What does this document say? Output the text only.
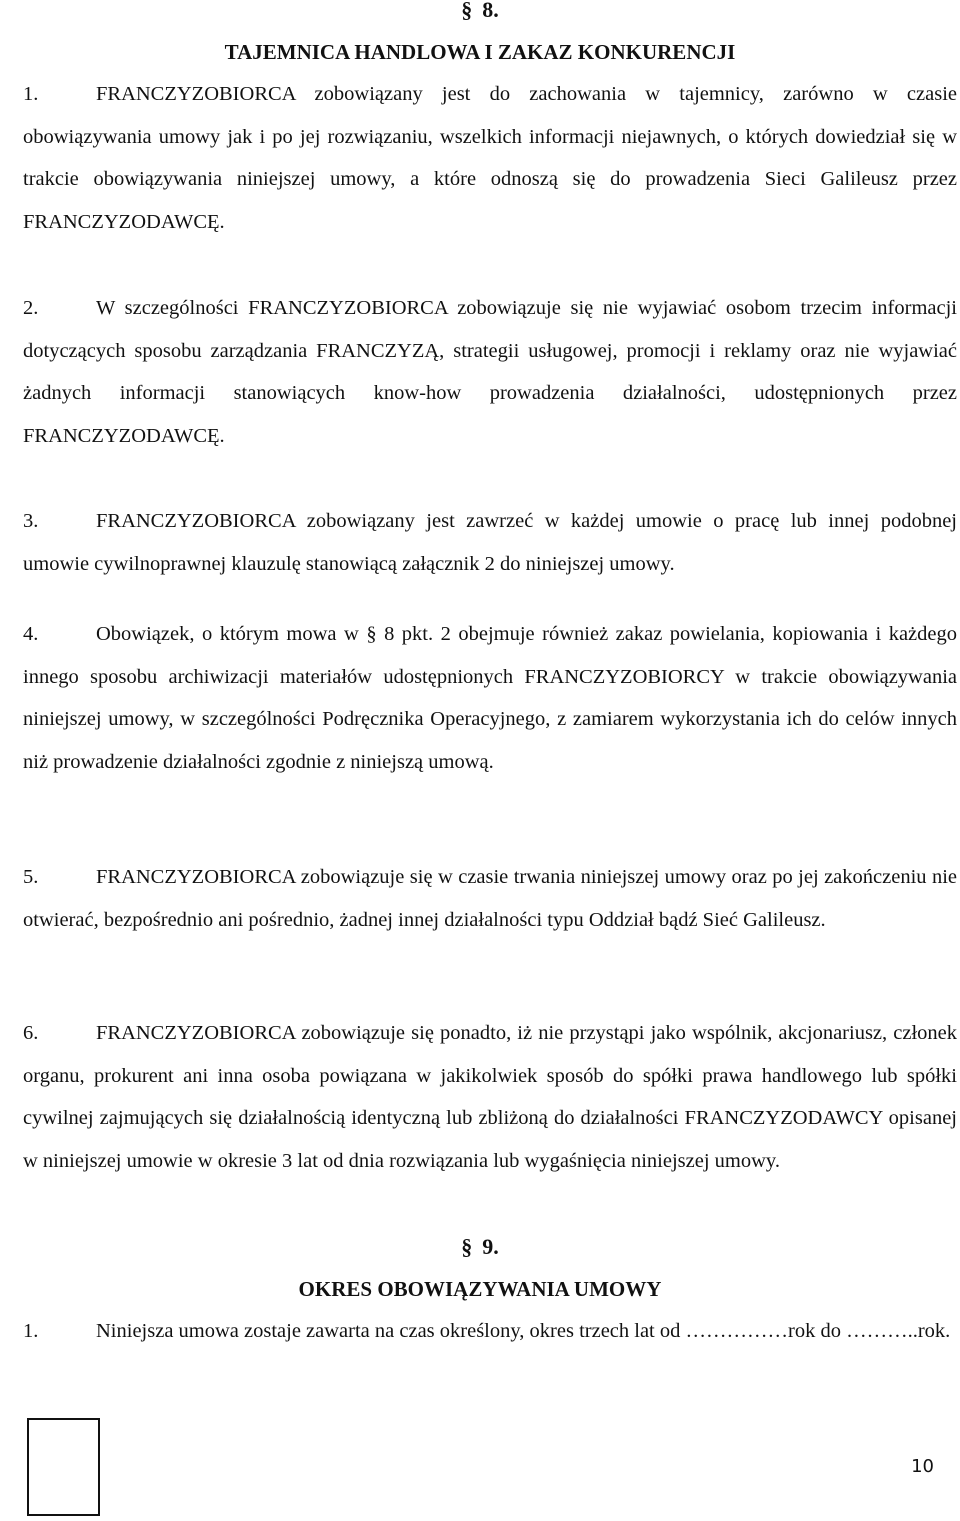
§ 8.
TAJEMNICA HANDLOWA I ZAKAZ KONKURENCJI
1.	FRANCZYZOBIORCA zobowiązany jest do zachowania w tajemnicy, zarówno w czasie obowiązywania umowy jak i po jej rozwiązaniu, wszelkich informacji niejawnych, o których dowiedział się w trakcie obowiązywania niniejszej umowy, a które odnoszą się do prowadzenia Sieci Galileusz przez FRANCZYZODAWCĘ.
2.	W szczególności FRANCZYZOBIORCA zobowiązuje się nie wyjawiać osobom trzecim informacji dotyczących sposobu zarządzania FRANCZYZĄ, strategii usługowej, promocji i reklamy oraz nie wyjawiać żadnych informacji stanowiących know-how prowadzenia działalności, udostępnionych przez FRANCZYZODAWCĘ.
3.	FRANCZYZOBIORCA zobowiązany jest zawrzeć w każdej umowie o pracę lub innej podobnej umowie cywilnoprawnej klauzulę stanowiącą załącznik 2 do niniejszej umowy.
4.	Obowiązek, o którym mowa w § 8 pkt. 2 obejmuje również zakaz powielania, kopiowania i każdego innego sposobu archiwizacji materiałów udostępnionych FRANCZYZOBIORCY w trakcie obowiązywania niniejszej umowy, w szczególności Podręcznika Operacyjnego, z zamiarem wykorzystania ich do celów innych niż prowadzenie działalności zgodnie z niniejszą umową.
5.	FRANCZYZOBIORCA zobowiązuje się w czasie trwania niniejszej umowy oraz po jej zakończeniu nie otwierać, bezpośrednio ani pośrednio, żadnej innej działalności typu Oddział bądź Sieć Galileusz.
6.	FRANCZYZOBIORCA zobowiązuje się ponadto, iż nie przystąpi jako wspólnik, akcjonariusz, członek organu, prokurent ani inna osoba powiązana w jakikolwiek sposób do spółki prawa handlowego lub spółki cywilnej zajmujących się działalnością identyczną lub zbliżoną do działalności FRANCZYZODAWCY opisanej w niniejszej umowie w okresie 3 lat od dnia rozwiązania lub wygaśnięcia niniejszej umowy.
§ 9.
OKRES OBOWIĄZYWANIA UMOWY
1.	Niniejsza umowa zostaje zawarta na czas określony, okres trzech lat od ……………rok do ………..rok.
10
